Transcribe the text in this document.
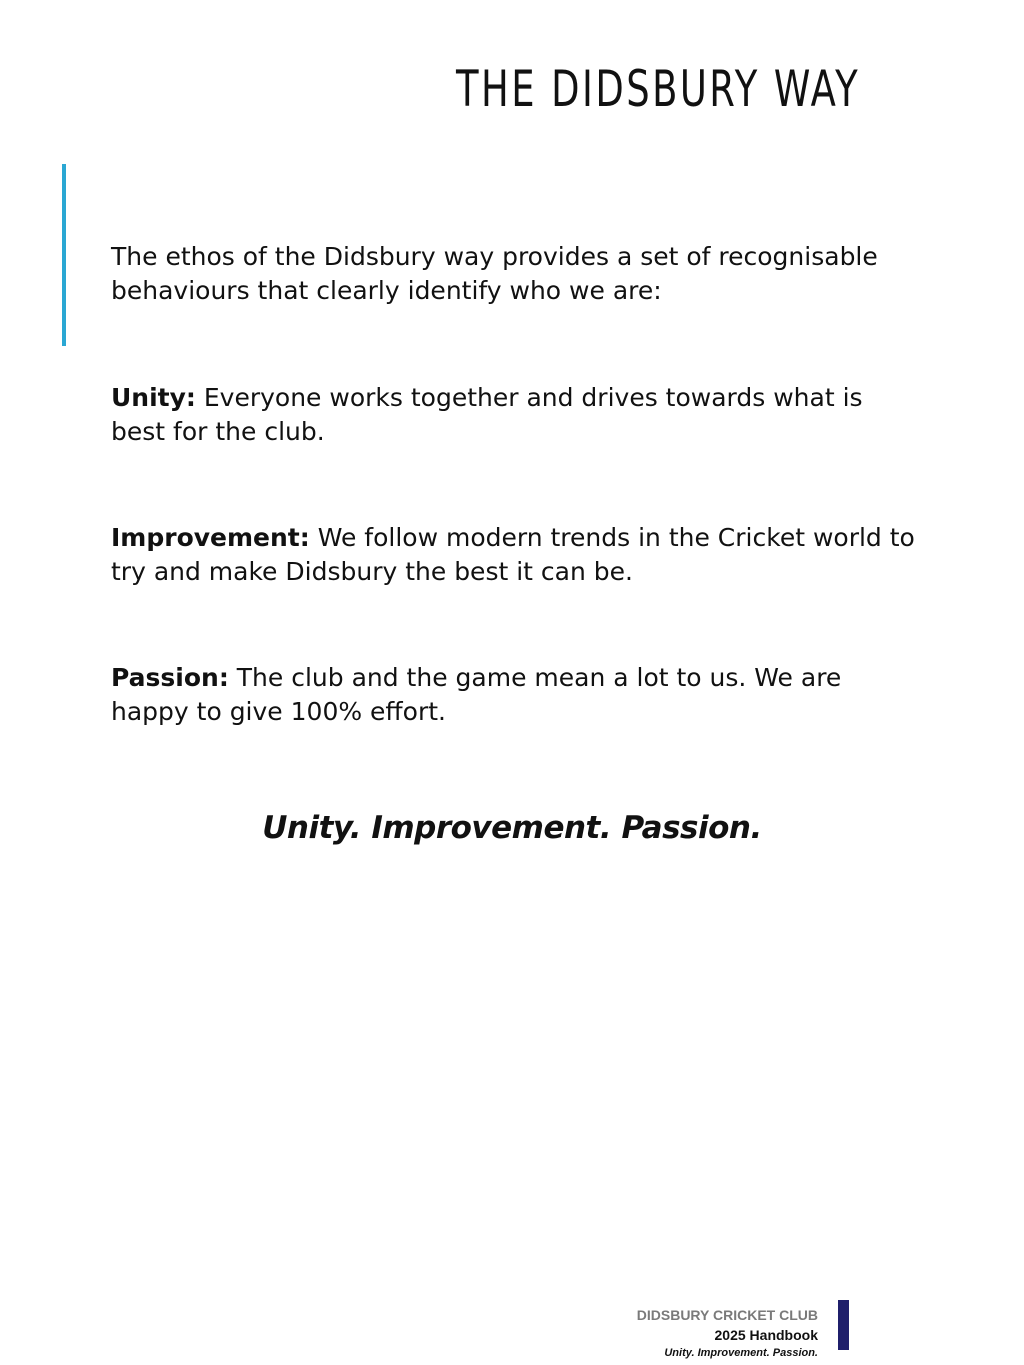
THE DIDSBURY WAY
The ethos of the Didsbury way provides a set of recognisable behaviours that clearly identify who we are:
Unity: Everyone works together and drives towards what is best for the club.
Improvement: We follow modern trends in the Cricket world to try and make Didsbury the best it can be.
Passion: The club and the game mean a lot to us. We are happy to give 100% effort.
Unity. Improvement. Passion.
DIDSBURY CRICKET CLUB
2025 Handbook
Unity. Improvement. Passion.
